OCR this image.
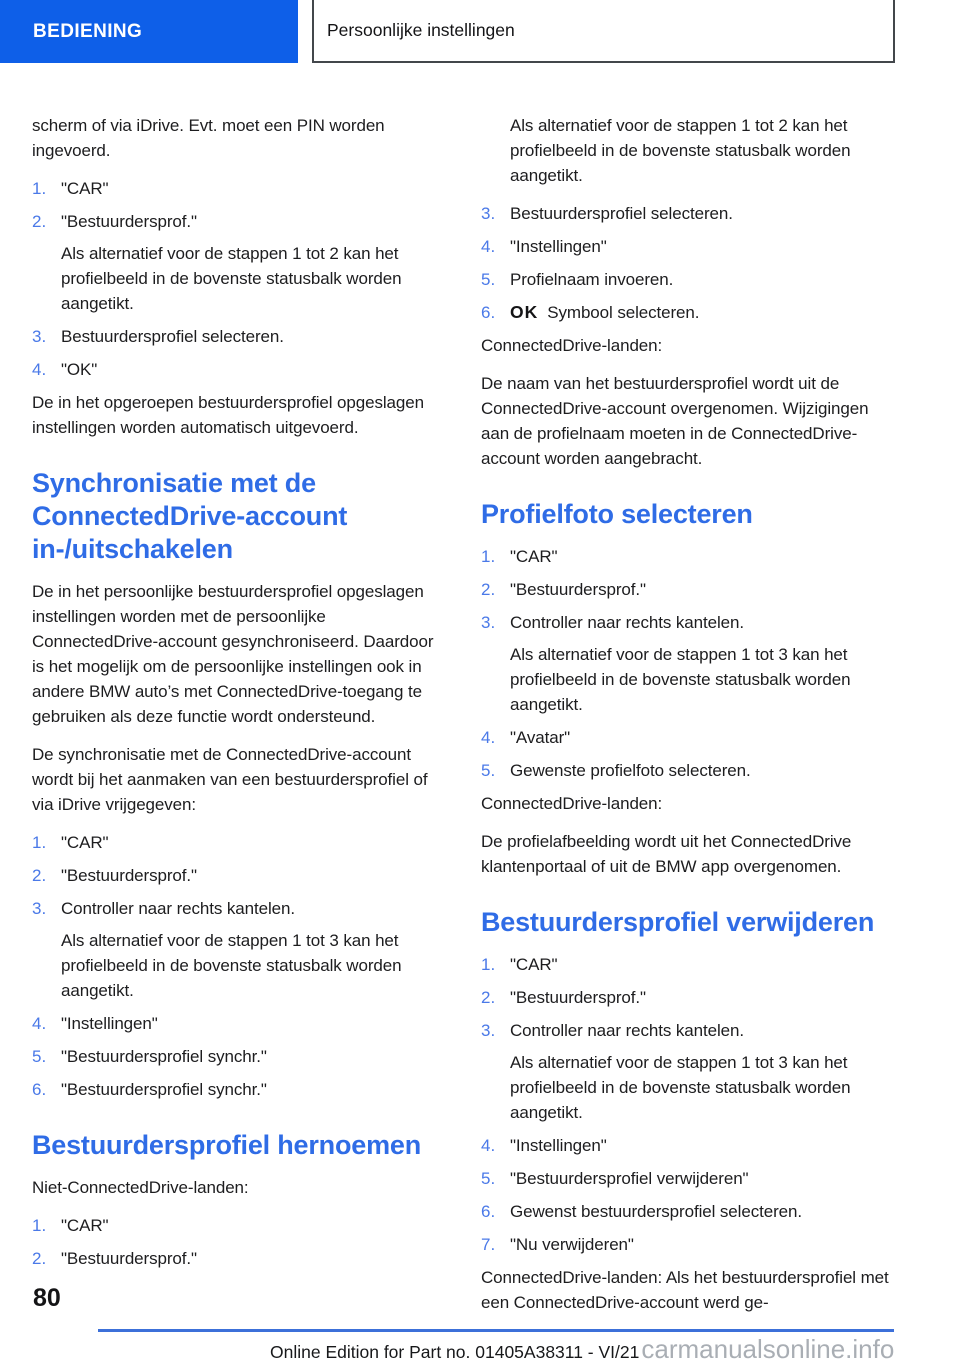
BEDIENING	Persoonlijke instellingen

scherm of via iDrive. Evt. moet een PIN worden ingevoerd.

1. "CAR"
2. "Bestuurdersprof."

Als alternatief voor de stappen 1 tot 2 kan het profielbeeld in de bovenste statusbalk worden aangetikt.

3. Bestuurdersprofiel selecteren.
4. "OK"

De in het opgeroepen bestuurdersprofiel opgeslagen instellingen worden automatisch uitgevoerd.

Synchronisatie met de ConnectedDrive-account in-/uitschakelen

De in het persoonlijke bestuurdersprofiel opgeslagen instellingen worden met de persoonlijke ConnectedDrive-account gesynchroniseerd. Daardoor is het mogelijk om de persoonlijke instellingen ook in andere BMW auto’s met ConnectedDrive-toegang te gebruiken als deze functie wordt ondersteund.

De synchronisatie met de ConnectedDrive-account wordt bij het aanmaken van een bestuurdersprofiel of via iDrive vrijgegeven:

1. "CAR"
2. "Bestuurdersprof."
3. Controller naar rechts kantelen.

Als alternatief voor de stappen 1 tot 3 kan het profielbeeld in de bovenste statusbalk worden aangetikt.

4. "Instellingen"
5. "Bestuurdersprofiel synchr."
6. "Bestuurdersprofiel synchr."
Bestuurdersprofiel hernoemen

Niet-ConnectedDrive-landen:

1. "CAR"
2. "Bestuurdersprof."

Als alternatief voor de stappen 1 tot 2 kan het profielbeeld in de bovenste statusbalk worden aangetikt.

3. Bestuurdersprofiel selecteren.
4. "Instellingen"
5. Profielnaam invoeren.
6. OK Symbool selecteren.

ConnectedDrive-landen:

De naam van het bestuurdersprofiel wordt uit de ConnectedDrive-account overgenomen. Wijzigingen aan de profielnaam moeten in de ConnectedDrive-account worden aangebracht.

Profielfoto selecteren
1. "CAR"
2. "Bestuurdersprof."
3. Controller naar rechts kantelen.

Als alternatief voor de stappen 1 tot 3 kan het profielbeeld in de bovenste statusbalk worden aangetikt.

4. "Avatar"
5. Gewenste profielfoto selecteren.

ConnectedDrive-landen:

De profielafbeelding wordt uit het ConnectedDrive klantenportaal of uit de BMW app overgenomen.

Bestuurdersprofiel verwijderen
1. "CAR"
2. "Bestuurdersprof."
3. Controller naar rechts kantelen.

Als alternatief voor de stappen 1 tot 3 kan het profielbeeld in de bovenste statusbalk worden aangetikt.

4. "Instellingen"
5. "Bestuurdersprofiel verwijderen"
6. Gewenst bestuurdersprofiel selecteren.
7. "Nu verwijderen"

ConnectedDrive-landen: Als het bestuurdersprofiel met een ConnectedDrive-account werd ge-

80
Online Edition for Part no. 01405A38311 - VI/21 carmanualsonline.info
